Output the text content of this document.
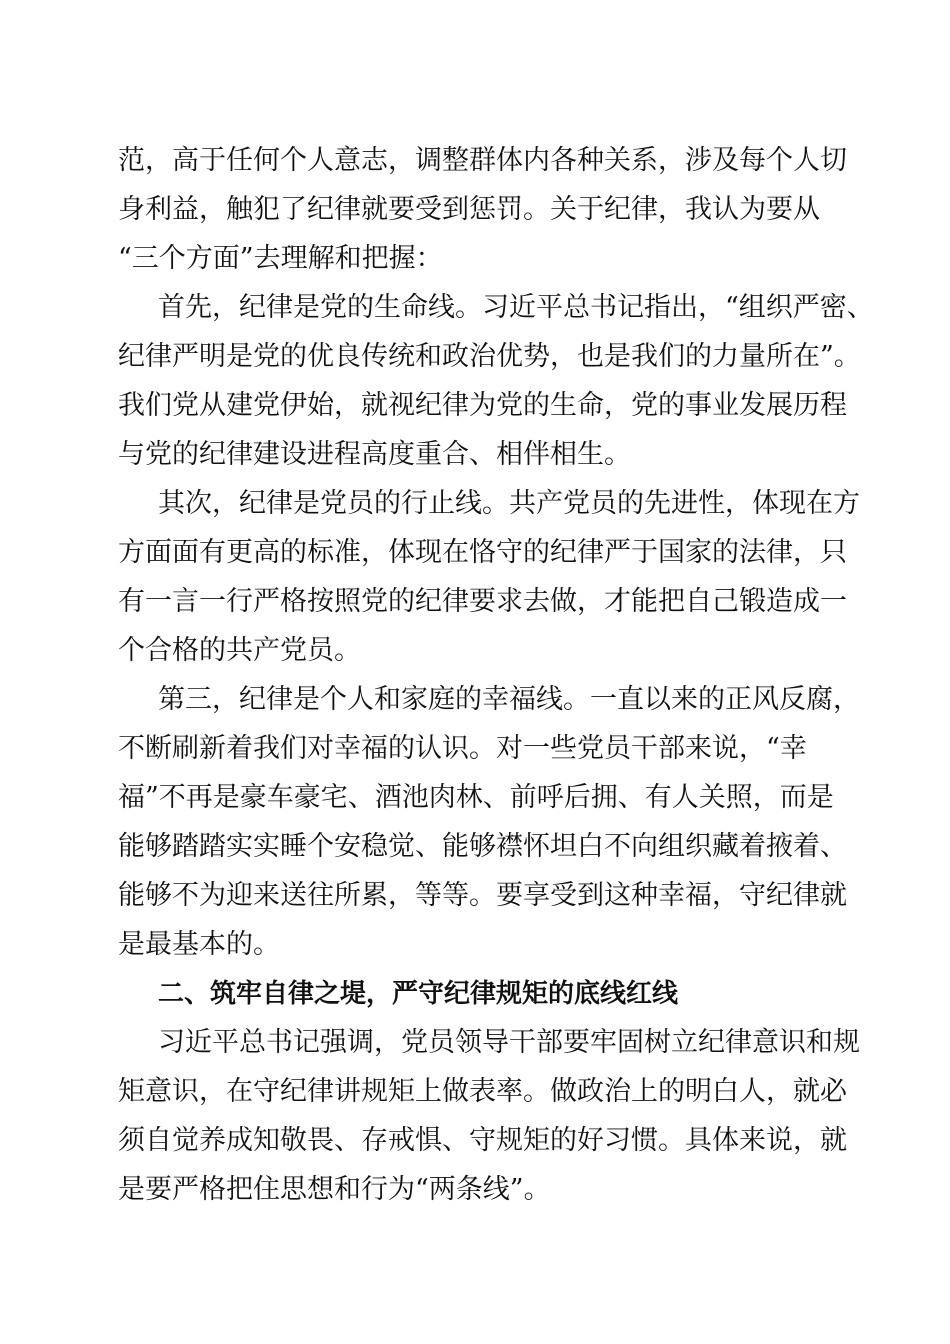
范，高于任何个人意志，调整群体内各种关系，涉及每个人切
身利益，触犯了纪律就要受到惩罚。关于纪律，我认为要从
“三个方面”去理解和把握：
首先，纪律是党的生命线。习近平总书记指出，“组织严密、
纪律严明是党的优良传统和政治优势，也是我们的力量所在”。
我们党从建党伊始，就视纪律为党的生命，党的事业发展历程
与党的纪律建设进程高度重合、相伴相生。
其次，纪律是党员的行止线。共产党员的先进性，体现在方
方面面有更高的标准，体现在恪守的纪律严于国家的法律，只
有一言一行严格按照党的纪律要求去做，才能把自己锻造成一
个合格的共产党员。
第三，纪律是个人和家庭的幸福线。一直以来的正风反腐，
不断刷新着我们对幸福的认识。对一些党员干部来说，“幸
福”不再是豪车豪宅、酒池肉林、前呼后拥、有人关照，而是
能够踏踏实实睡个安稳觉、能够襟怀坦白不向组织藏着掖着、
能够不为迎来送往所累，等等。要享受到这种幸福，守纪律就
是最基本的。
二、筑牢自律之堤，严守纪律规矩的底线红线
习近平总书记强调，党员领导干部要牢固树立纪律意识和规
矩意识，在守纪律讲规矩上做表率。做政治上的明白人，就必
须自觉养成知敬畏、存戒惧、守规矩的好习惯。具体来说，就
是要严格把住思想和行为“两条线”。
